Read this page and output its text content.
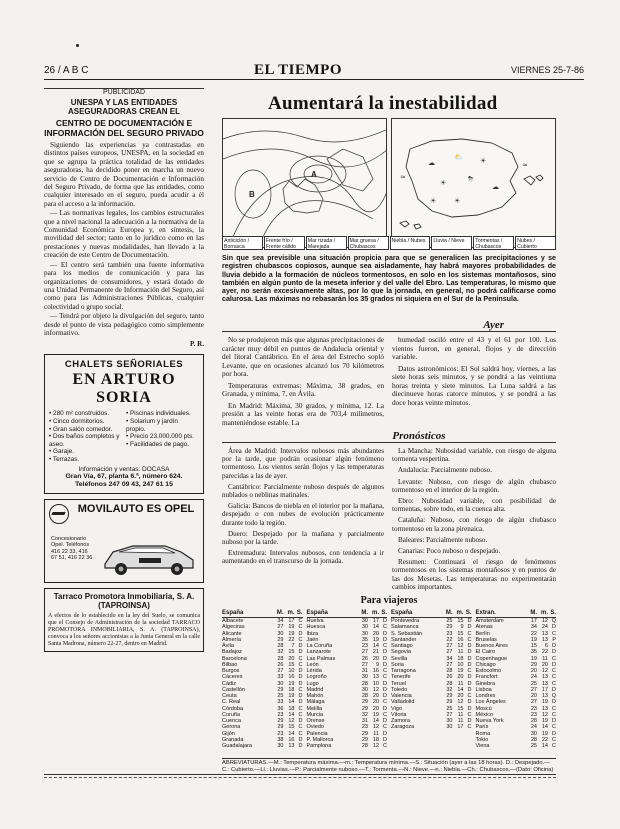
26 / A B C	EL TIEMPO	VIERNES 25-7-86
PUBLICIDAD
UNESPA Y LAS ENTIDADES ASEGURADORAS CREAN EL
CENTRO DE DOCUMENTACIÓN E INFORMACIÓN DEL SEGURO PRIVADO

Siguiendo las experiencias ya contrastadas en distintos países europeos, UNESPA, en la sociedad en que se agrupa la práctica totalidad de las entidades aseguradoras, ha decidido poner en marcha un nuevo servicio de Centro de Documentación e Información del Seguro Privado, de forma que las entidades, como cualquier interesado en el seguro, pueda acudir a él para el acceso a la información.

— Las normativas legales, los cambios estructurales que a nivel nacional la adecuación a la normativa de la Comunidad Económica Europea y, en síntesis, la movilidad del sector; tanto en lo jurídico como en las prestaciones y nuevas modalidades, han llevado a la creación de este Centro de Documentación.

— El centro será también una fuente informativa para los medios de comunicación y para las organizaciones de consumidores, y estará dotado de una Unidad Permanente de Información del Seguro, así como para las Administraciones Públicas, cualquier colectividad o grupo social.

— Tendrá por objeto la divulgación del seguro, tanto desde el punto de vista pedagógico como simplemente informativo.

P. R.
CHALETS SEÑORIALES
EN ARTURO SORIA
• 280 m² construidos.
• Cinco dormitorios.
• Gran salón comedor.
• Dos baños completos y aseo.
• Garaje.
• Terrazas.
• Piscinas individuales.
• Solarium y jardín propio.
• Precio 23.000.000 pts.
• Facilidades de pago.
Información y ventas: DOCASA
Gran Vía, 67, planta 6.ª, número 624. Teléfonos 247 09 43, 247 61 15
MOVILAUTO ES OPEL
Concesionario Opel. Teléfonos 416 22 33, 416 67 51, 416 22 36
Tarraco Promotora Inmobiliaria, S. A. (TAPROINSA)
A efectos de lo establecido en la ley del Suelo, se comunica que el Consejo de Administración de la sociedad TARRACO PROMOTORA INMOBILIARIA, S. A. (TAPROINSA), convoca a los señores accionistas a la Junta General en la calle Santa Madrona, número 22-27, dentro en Madrid.
Aumentará la inestabilidad
A
B
☁
⛅ ☀
☀	⛈
☁
☀
☀
≈
≈
Anticiclón / Borrasca
Frente frío / Frente cálido
Mar rizada / Marejada
Mar gruesa / Chubascos
Niebla / Nubes	Lluvia / Nieve	Tormentas / Chubascos
Nubes / Cubierto
Sin que sea previsible una situación propicia para que se generalicen las precipitaciones y se registren chubascos copiosos, aunque sea aisladamente, hay habrá mayores probabilidades de lluvia debido a la formación de núcleos tormentosos, en solo en los sistemas montañosos, sino también en algún punto de la meseta inferior y del valle del Ebro. Las temperaturas, lo mismo que ayer, no serán excesivamente altas, por lo que la jornada, en general, no podrá calificarse como calurosa. Las máximas no rebasarán los 35 grados ni siquiera en el Sur de la Península.
Ayer

No se produjeron más que algunas precipitaciones de carácter muy débil en puntos de Andalucía oriental y del litoral Cantábrico. En el área del Estrecho sopló Levante, que en ocasiones alcanzó los 70 kilómetros por hora.

Temperaturas extremas: Máxima, 38 grados, en Granada, y mínima, 7, en Ávila.

En Madrid: Máxima, 30 grados, y mínima, 12. La presión a las veinte horas era de 703,4 milímetros, manteniéndose estable. La

humedad osciló entre el 43 y el 61 por 100. Los vientos fueron, en general, flojos y de dirección variable.

Datos astronómicos: El Sol saldrá hoy, viernes, a las siete horas seis minutos, y se pondrá a las veintiuna horas treinta y siete minutos. La Luna saldrá a las diecinueve horas catorce minutos, y se pondrá a las doce horas veinte minutos.

Pronósticos

Área de Madrid: Intervalos nubosos más abundantes por la tarde, que podrán ocasionar algún fenómeno tormentoso. Los vientos serán flojos y las temperaturas parecidas a las de ayer.

Cantábrico: Parcialmente nuboso después de algunos nublados o neblinas matinales.

Galicia: Bancos de niebla en el interior por la mañana, despejado o con nubes de evolución prácticamente durante todo la región.

Duero: Despejado por la mañana y parcialmente nuboso por la tarde.

Extremadura: Intervalos nubosos, con tendencia a ir aumentando en el transcurso de la jornada.

La Mancha: Nubosidad variable, con riesgo de alguna tormenta vespertina.

Andalucía: Parcialmente nuboso.

Levante: Nuboso, con riesgo de algún chubasco tormentoso en el interior de la región.

Ebro: Nubosidad variable, con posibilidad de tormentas, sobre todo, en la cuenca alta.

Cataluña: Nuboso, con riesgo de algún chubasco tormentoso en la zona pirenaica.

Baleares: Parcialmente nuboso.

Canarias: Poco nuboso o despejado.

Resumen: Continuará el riesgo de fenómenos tormentosos en los sistemas montañosos y en puntos de las dos Mesetas. Las temperaturas no experimentarán cambios importantes.

Para viajeros
España	M. m. S.
Albacete	34 17 C
Algeciras	27 19 C
Alicante	30 19 D
Almería	29 22 C
Ávila	28	7 D
Badajoz	32 15 D
Barcelona	28 20 C
Bilbao	26 15 C
Burgos	27 10 D
Cáceres	33 16 D
Cádiz	30 19 D
Castellón	29 18 C
Ceuta	25 19 D
C. Real	33 14 D
Córdoba	36 18 C
Coruña	23 14 C
Cuenca	29 12 D
Gerona	29 15 C
Gijón	23 14 C
Granada	38 16 D
Guadalajara	30 13 D
España	M. m. S.
Huelva	30 17 D
Huesca	30 14 C
Ibiza	30 20 D
Jaén	35 19 D
La Coruña	23 14 C
Lanzarote	27 21 D
Las Palmas	26 20 D
León	27	9 D
Lérida	31 16 C
Logroño	30 13 C
Lugo	28 10 D
Madrid	30 12 D
Mahón	28 20 D
Málaga	29 20 C
Melilla	29 20 D
Murcia	32 19 C
Orense	31 14 D
Oviedo	23 12 C
Palencia	29 11 D
P. Mallorca	29 18 D
Pamplona	28 12 C
España	M. m. S.
Pontevedra	25 15 D
Salamanca	29	9 D
S. Sebastián	23 15 C
Santander	22 16 C
Santiago	27 12 D
Segovia	27 11 D
Sevilla	34 18 D
Soria	27 10 D
Tarragona	28 19 C
Tenerife	26 20 D
Teruel	28 11 D
Toledo	32 14 D
Valencia	29 20 C
Valladolid	29 12 D
Vigo	25 15 D
Vitoria	27 11 C
Zamora	30 11 D
Zaragoza	30 17 C
Extran.	M. m. S.
Amsterdam	17 12 Q
Atenas	34 24 D
Berlín	22 13 C
Bruselas	19 13 P
Buenos Aires	15	6 D
El Cairo	35 22 D
Copenhague	19 11 C
Chicago	29 20 D
Estocolmo	20 12 C
Francfort	24 13 C
Ginebra	25 13 C
Lisboa	27 17 D
Londres	20 13 Q
Los Ángeles	27 19 D
Moscú	23 13 C
México	23 12 C
Nueva York	28 19 D
París	24 14 C
Roma	30 19 D
Tokio	28 22 C
Viena	25 14 C
ABREVIATURAS.—M.: Temperatura máxima.—m.: Temperatura mínima.—S.: Situación (ayer a las 18 horas). D.: Despejado.—C.: Cubierto.—Ll.: Lluvias.—P.: Parcialmente nuboso.—T.: Tormenta.—N.: Nieve.—n.: Niebla.—Ch.: Chubascos.—(Dato: Oficina)
